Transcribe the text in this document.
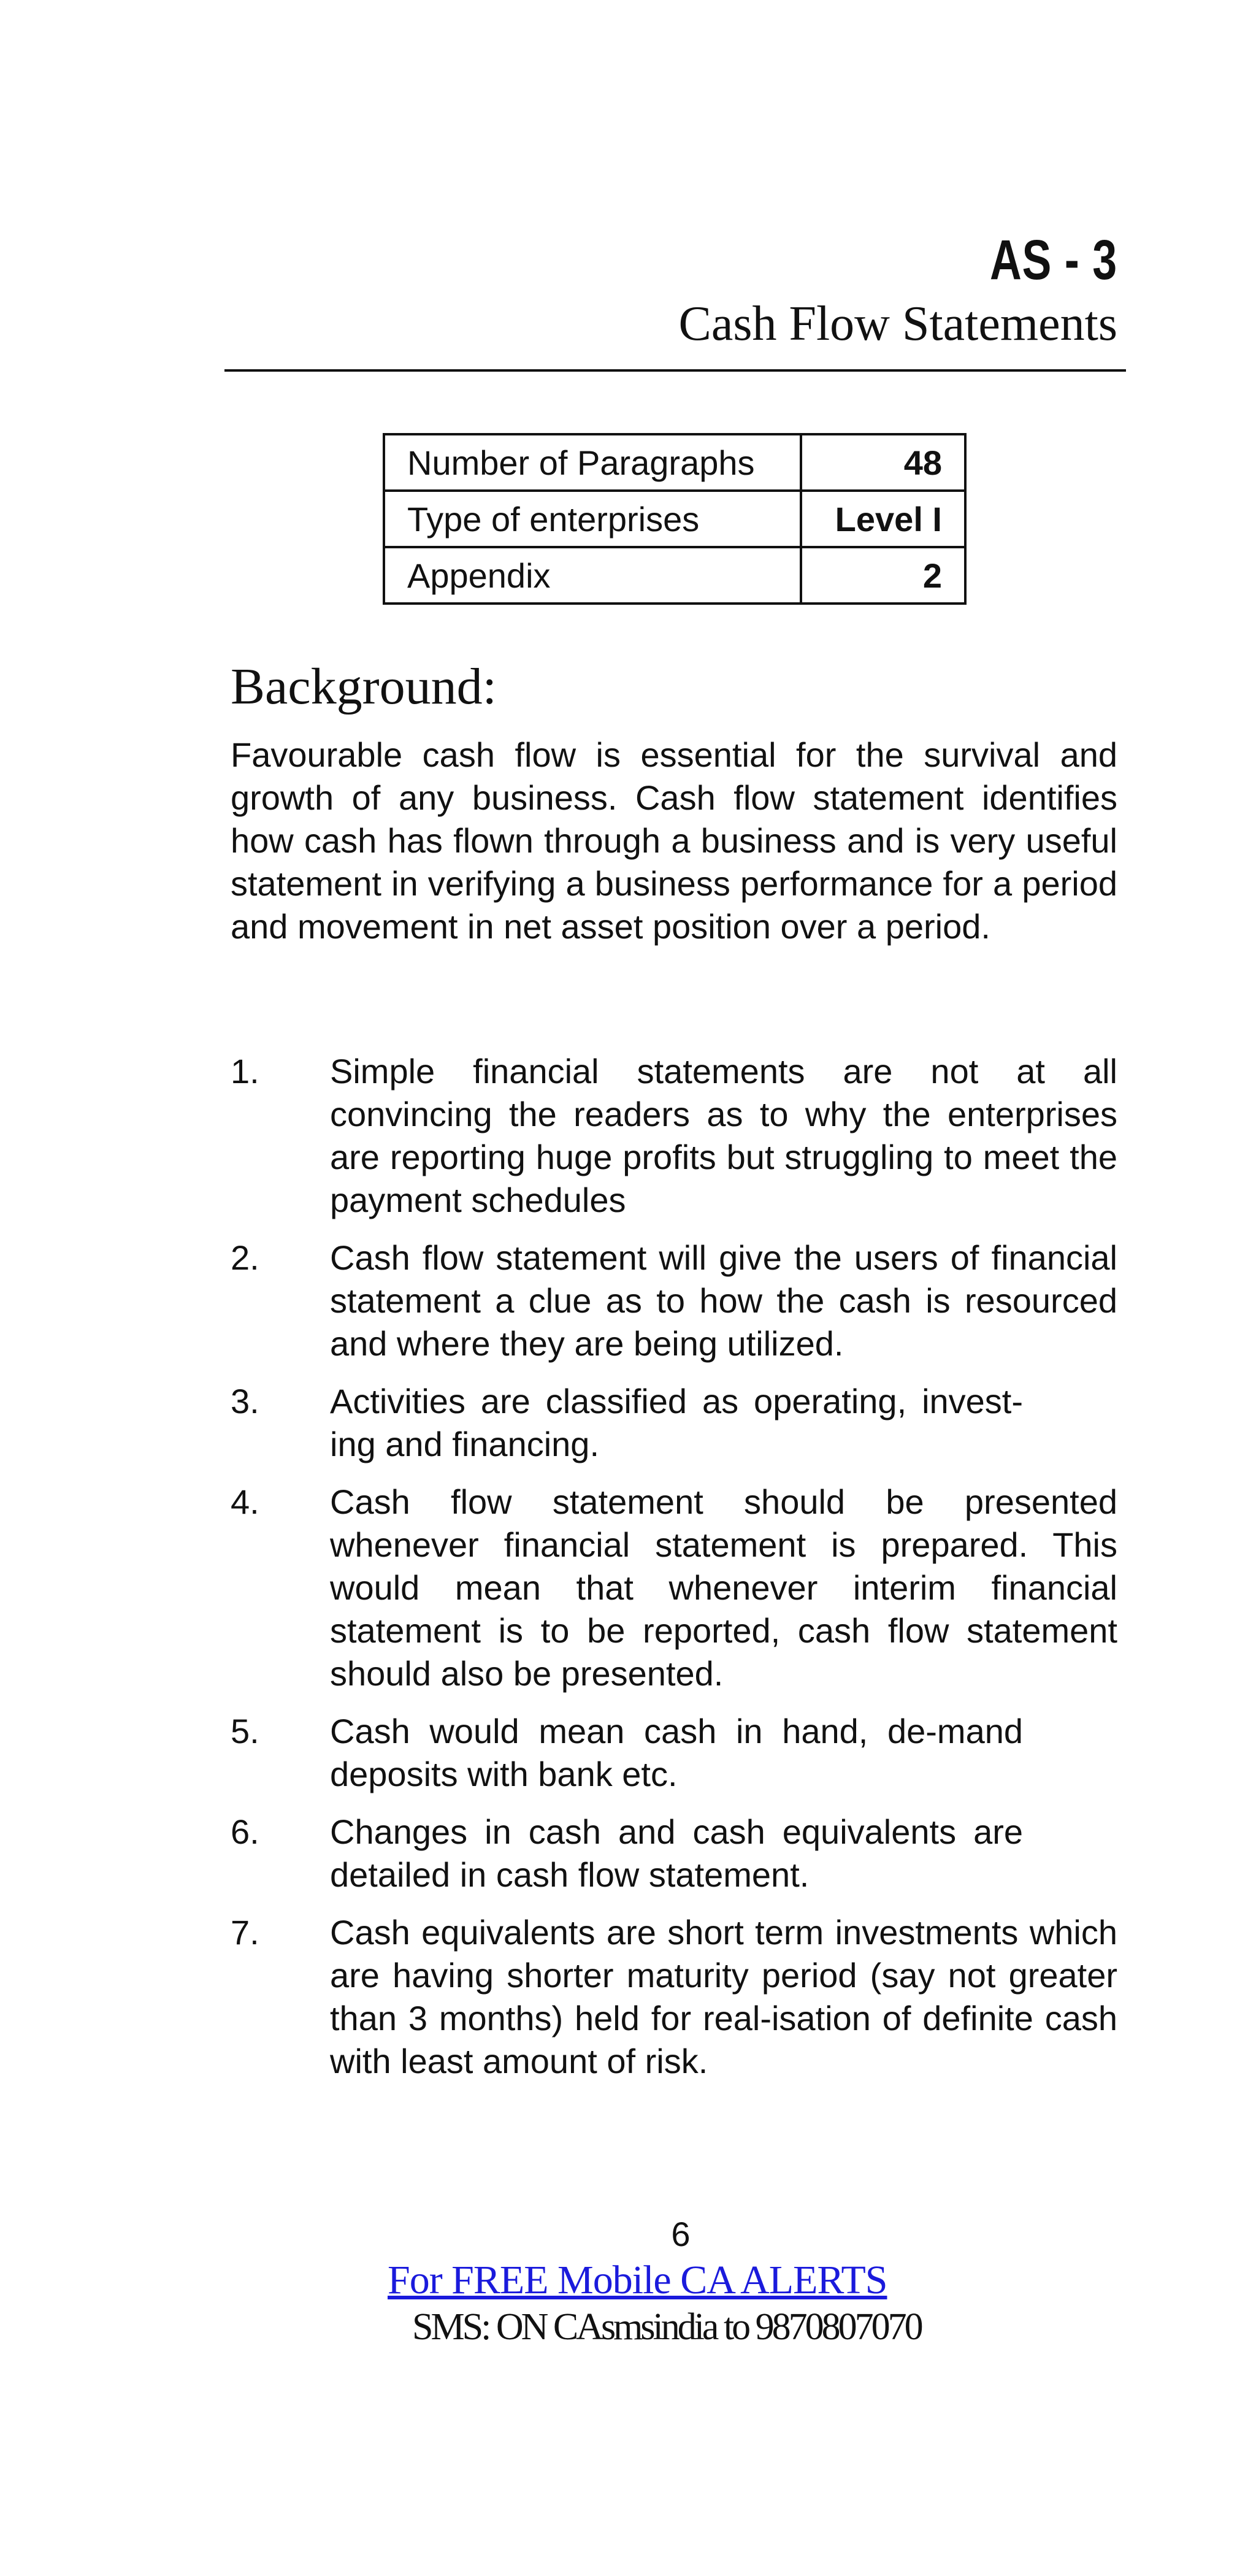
AS - 3
Cash Flow Statements
Number of Paragraphs	48
Type of enterprises	Level I
Appendix	2
Background:

Favourable cash flow is essential for the survival and growth of any business. Cash flow statement identifies how cash has flown through a business and is very useful statement in verifying a business performance for a period and movement in net asset position over a period.

1.	Simple financial statements are not at all convincing the readers as to why the enterprises are reporting huge profits but struggling to meet the payment schedules
2.	Cash flow statement will give the users of financial statement a clue as to how the cash is resourced and where they are being utilized.
3.	Activities are classified as operating, invest-ing and financing.
4.	Cash flow statement should be presented whenever financial statement is prepared. This would mean that whenever interim financial statement is to be reported, cash flow statement should also be presented.
5.	Cash would mean cash in hand, de-mand deposits with bank etc.
6.	Changes in cash and cash equivalents are detailed in cash flow statement.
7.	Cash equivalents are short term investments which are having shorter maturity period (say not greater than 3 months) held for real-isation of definite cash with least amount of risk.
6
For FREE Mobile CA ALERTS
SMS: ON CAsmsindia to 9870807070
